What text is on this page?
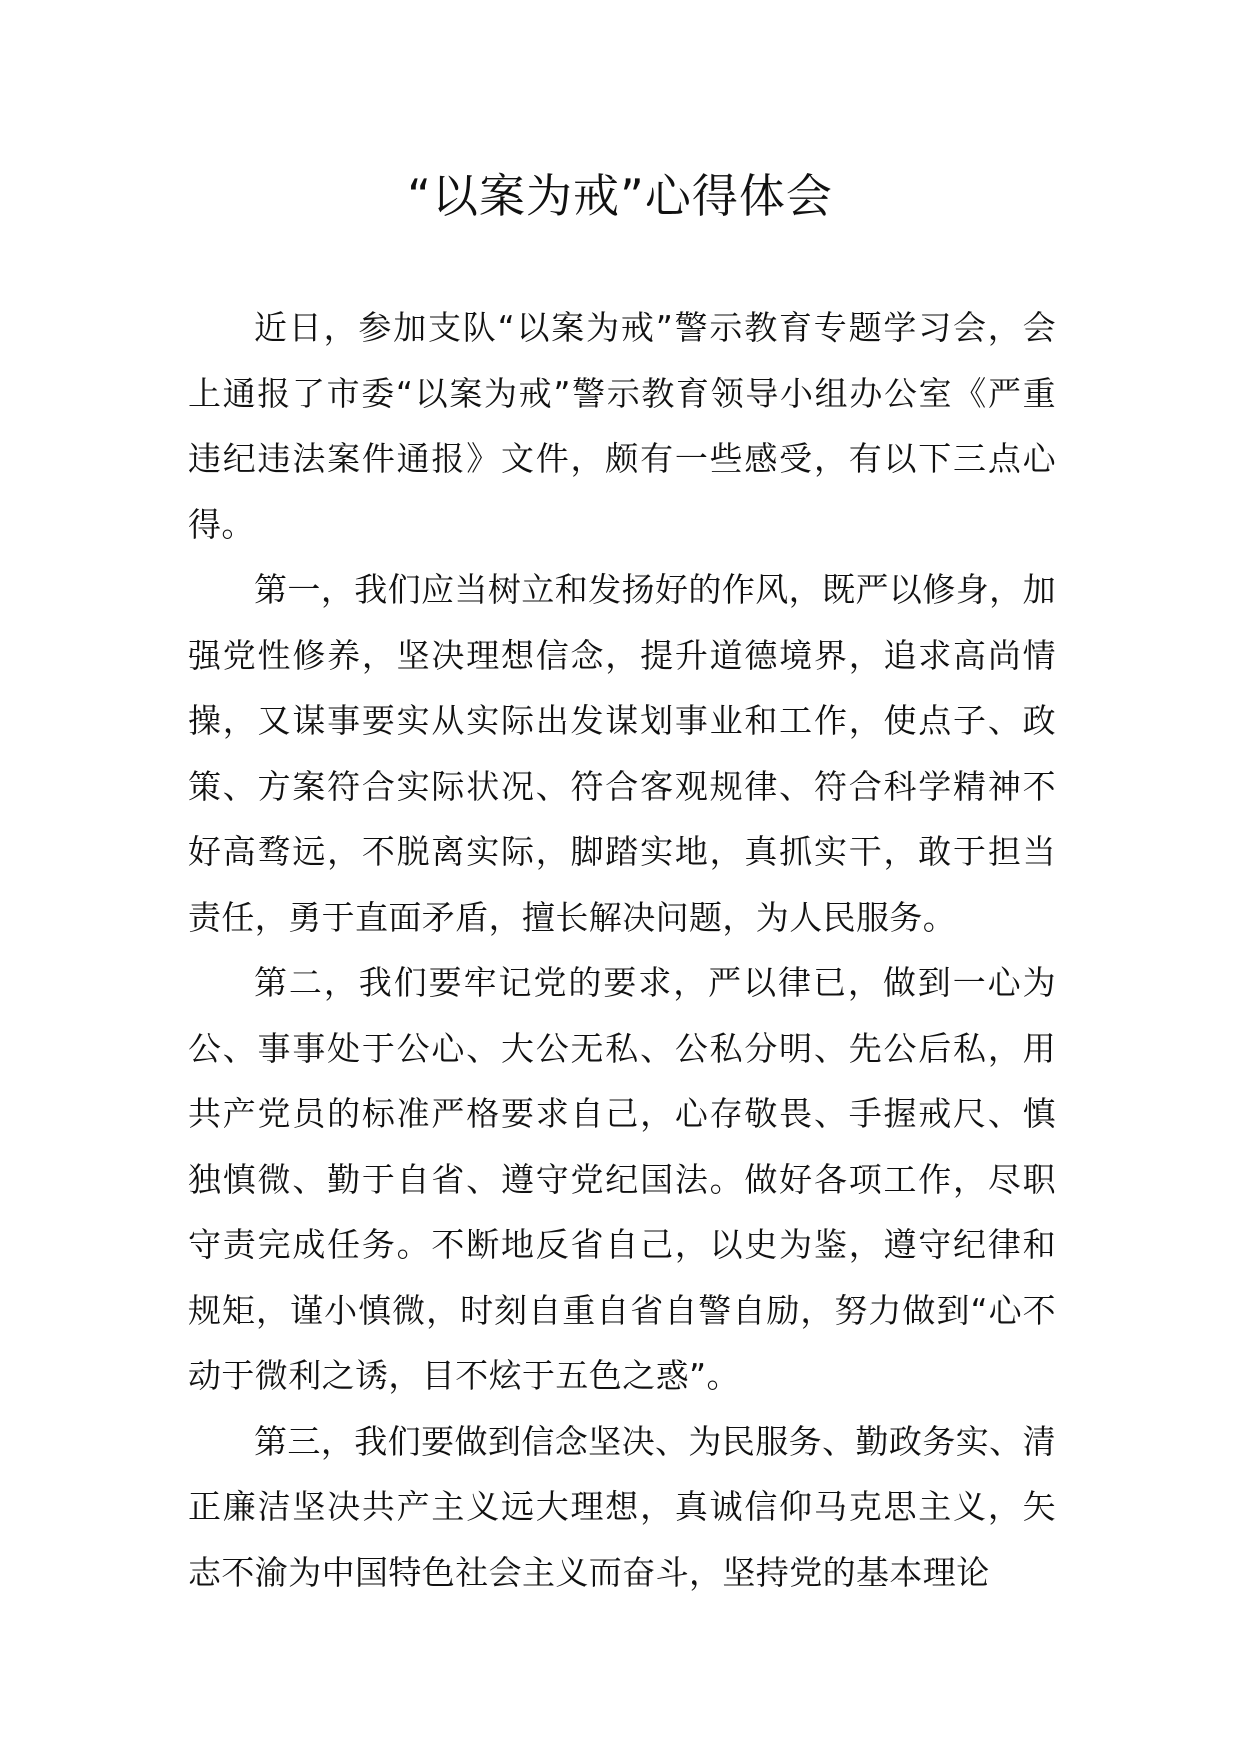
“以案为戒”心得体会

近日，参加支队“以案为戒”警示教育专题学习会，会上通报了市委“以案为戒”警示教育领导小组办公室《严重违纪违法案件通报》文件，颇有一些感受，有以下三点心得。

第一，我们应当树立和发扬好的作风，既严以修身，加强党性修养，坚决理想信念，提升道德境界，追求高尚情操，又谋事要实从实际出发谋划事业和工作，使点子、政策、方案符合实际状况、符合客观规律、符合科学精神不好高骛远，不脱离实际，脚踏实地，真抓实干，敢于担当责任，勇于直面矛盾，擅长解决问题，为人民服务。

第二，我们要牢记党的要求，严以律已，做到一心为公、事事处于公心、大公无私、公私分明、先公后私，用共产党员的标准严格要求自己，心存敬畏、手握戒尺、慎独慎微、勤于自省、遵守党纪国法。做好各项工作，尽职守责完成任务。不断地反省自己，以史为鉴，遵守纪律和规矩，谨小慎微，时刻自重自省自警自励，努力做到“心不动于微利之诱，目不炫于五色之惑”。

第三，我们要做到信念坚决、为民服务、勤政务实、清正廉洁坚决共产主义远大理想，真诚信仰马克思主义，矢志不渝为中国特色社会主义而奋斗，坚持党的基本理论
